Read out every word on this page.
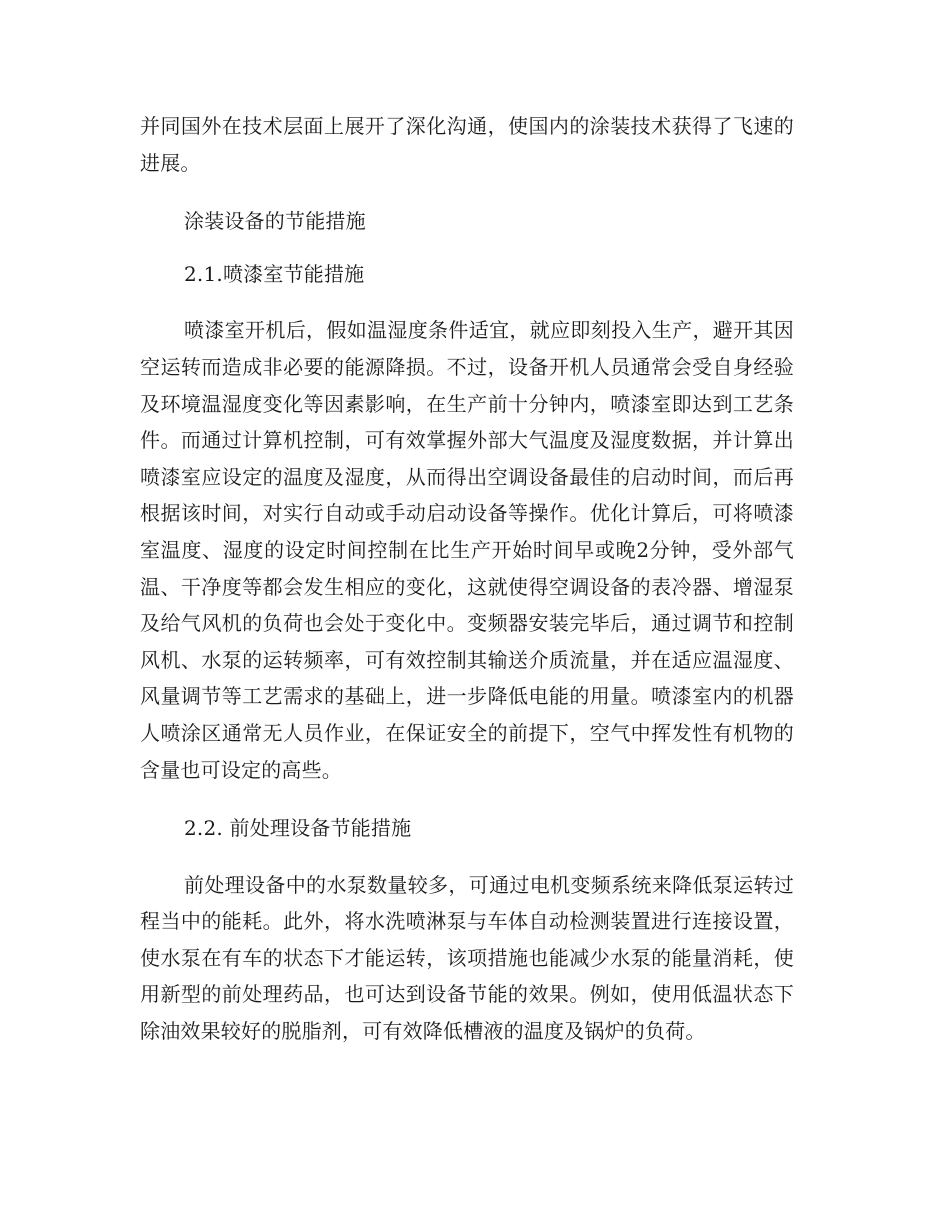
并同国外在技术层面上展开了深化沟通，使国内的涂装技术获得了飞速的进展。

涂装设备的节能措施

2.1.喷漆室节能措施

喷漆室开机后，假如温湿度条件适宜，就应即刻投入生产，避开其因空运转而造成非必要的能源降损。不过，设备开机人员通常会受自身经验及环境温湿度变化等因素影响，在生产前十分钟内，喷漆室即达到工艺条件。而通过计算机控制，可有效掌握外部大气温度及湿度数据，并计算出喷漆室应设定的温度及湿度，从而得出空调设备最佳的启动时间，而后再根据该时间，对实行自动或手动启动设备等操作。优化计算后，可将喷漆室温度、湿度的设定时间控制在比生产开始时间早或晚2分钟，受外部气温、干净度等都会发生相应的变化，这就使得空调设备的表冷器、增湿泵及给气风机的负荷也会处于变化中。变频器安装完毕后，通过调节和控制风机、水泵的运转频率，可有效控制其输送介质流量，并在适应温湿度、风量调节等工艺需求的基础上，进一步降低电能的用量。喷漆室内的机器人喷涂区通常无人员作业，在保证安全的前提下，空气中挥发性有机物的含量也可设定的高些。

2.2. 前处理设备节能措施

前处理设备中的水泵数量较多，可通过电机变频系统来降低泵运转过程当中的能耗。此外，将水洗喷淋泵与车体自动检测装置进行连接设置，使水泵在有车的状态下才能运转，该项措施也能减少水泵的能量消耗，使用新型的前处理药品，也可达到设备节能的效果。例如，使用低温状态下除油效果较好的脱脂剂，可有效降低槽液的温度及锅炉的负荷。
